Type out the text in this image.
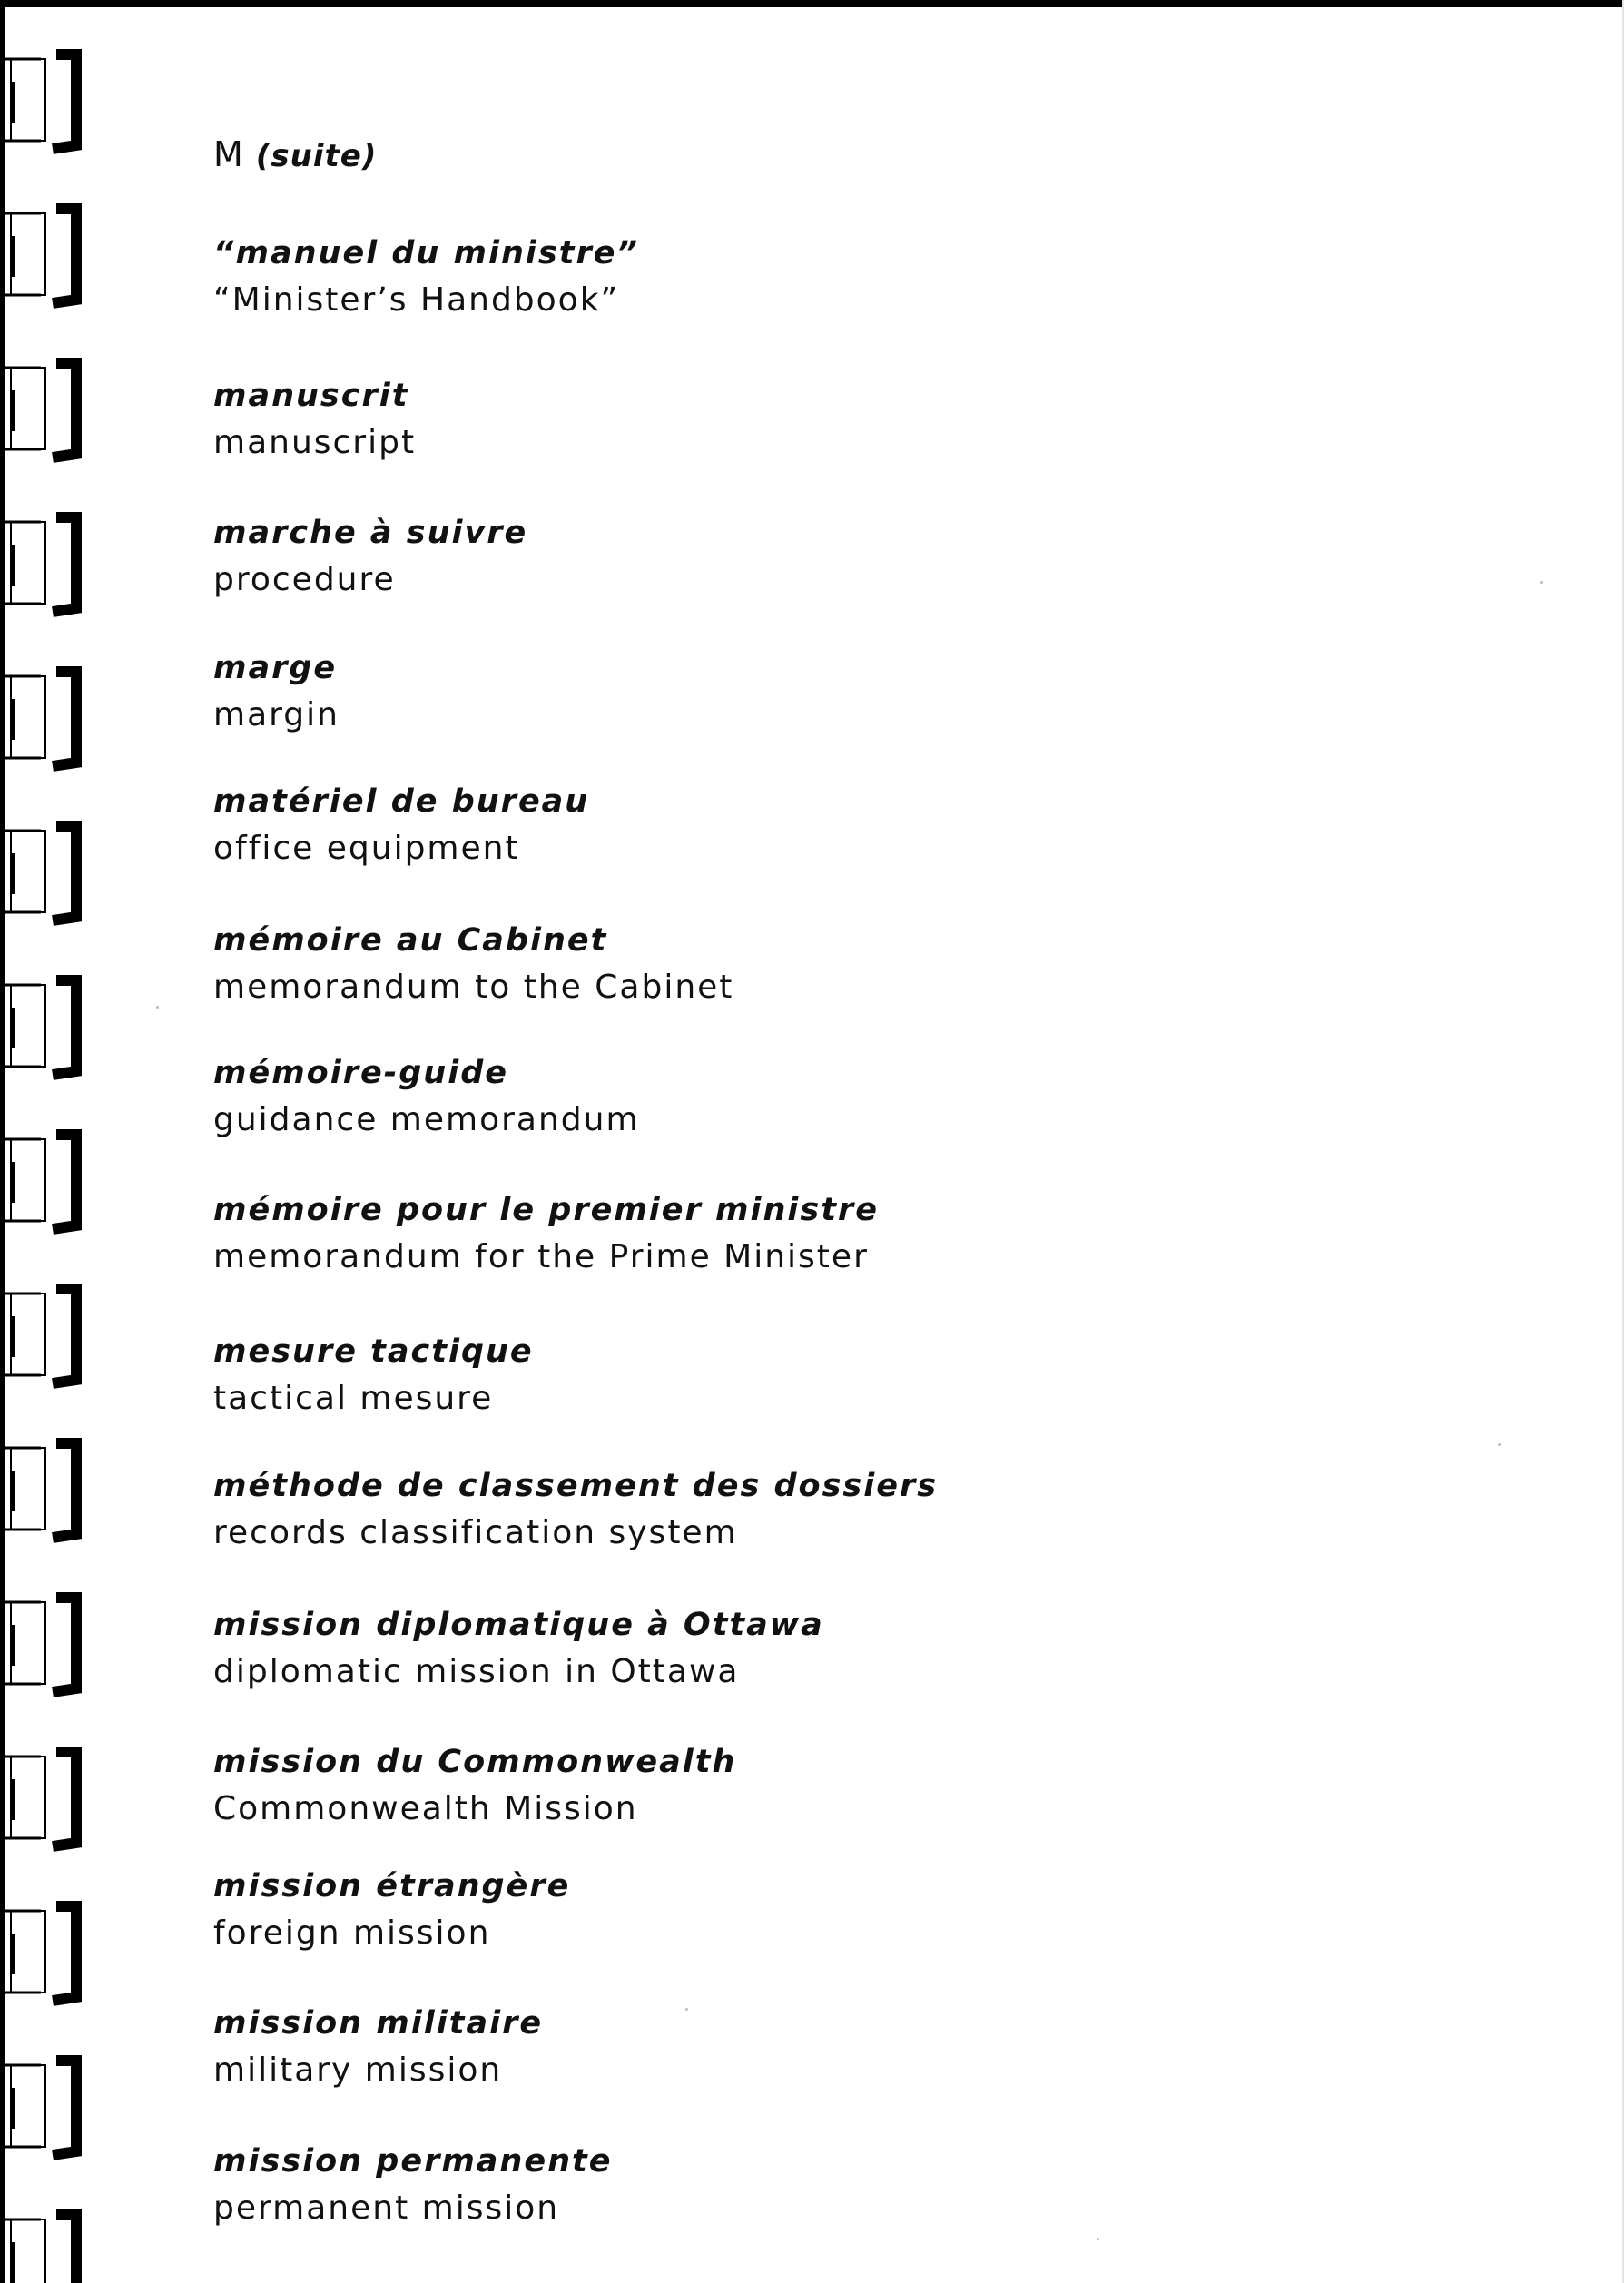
M (suite)
“manuel du ministre”
“Minister’s Handbook”
manuscrit
manuscript
marche à suivre
procedure
marge
margin
matériel de bureau
office equipment
mémoire au Cabinet
memorandum to the Cabinet
mémoire-guide
guidance memorandum
mémoire pour le premier ministre
memorandum for the Prime Minister
mesure tactique
tactical mesure
méthode de classement des dossiers
records classification system
mission diplomatique à Ottawa
diplomatic mission in Ottawa
mission du Commonwealth
Commonwealth Mission
mission étrangère
foreign mission
mission militaire
military mission
mission permanente
permanent mission
